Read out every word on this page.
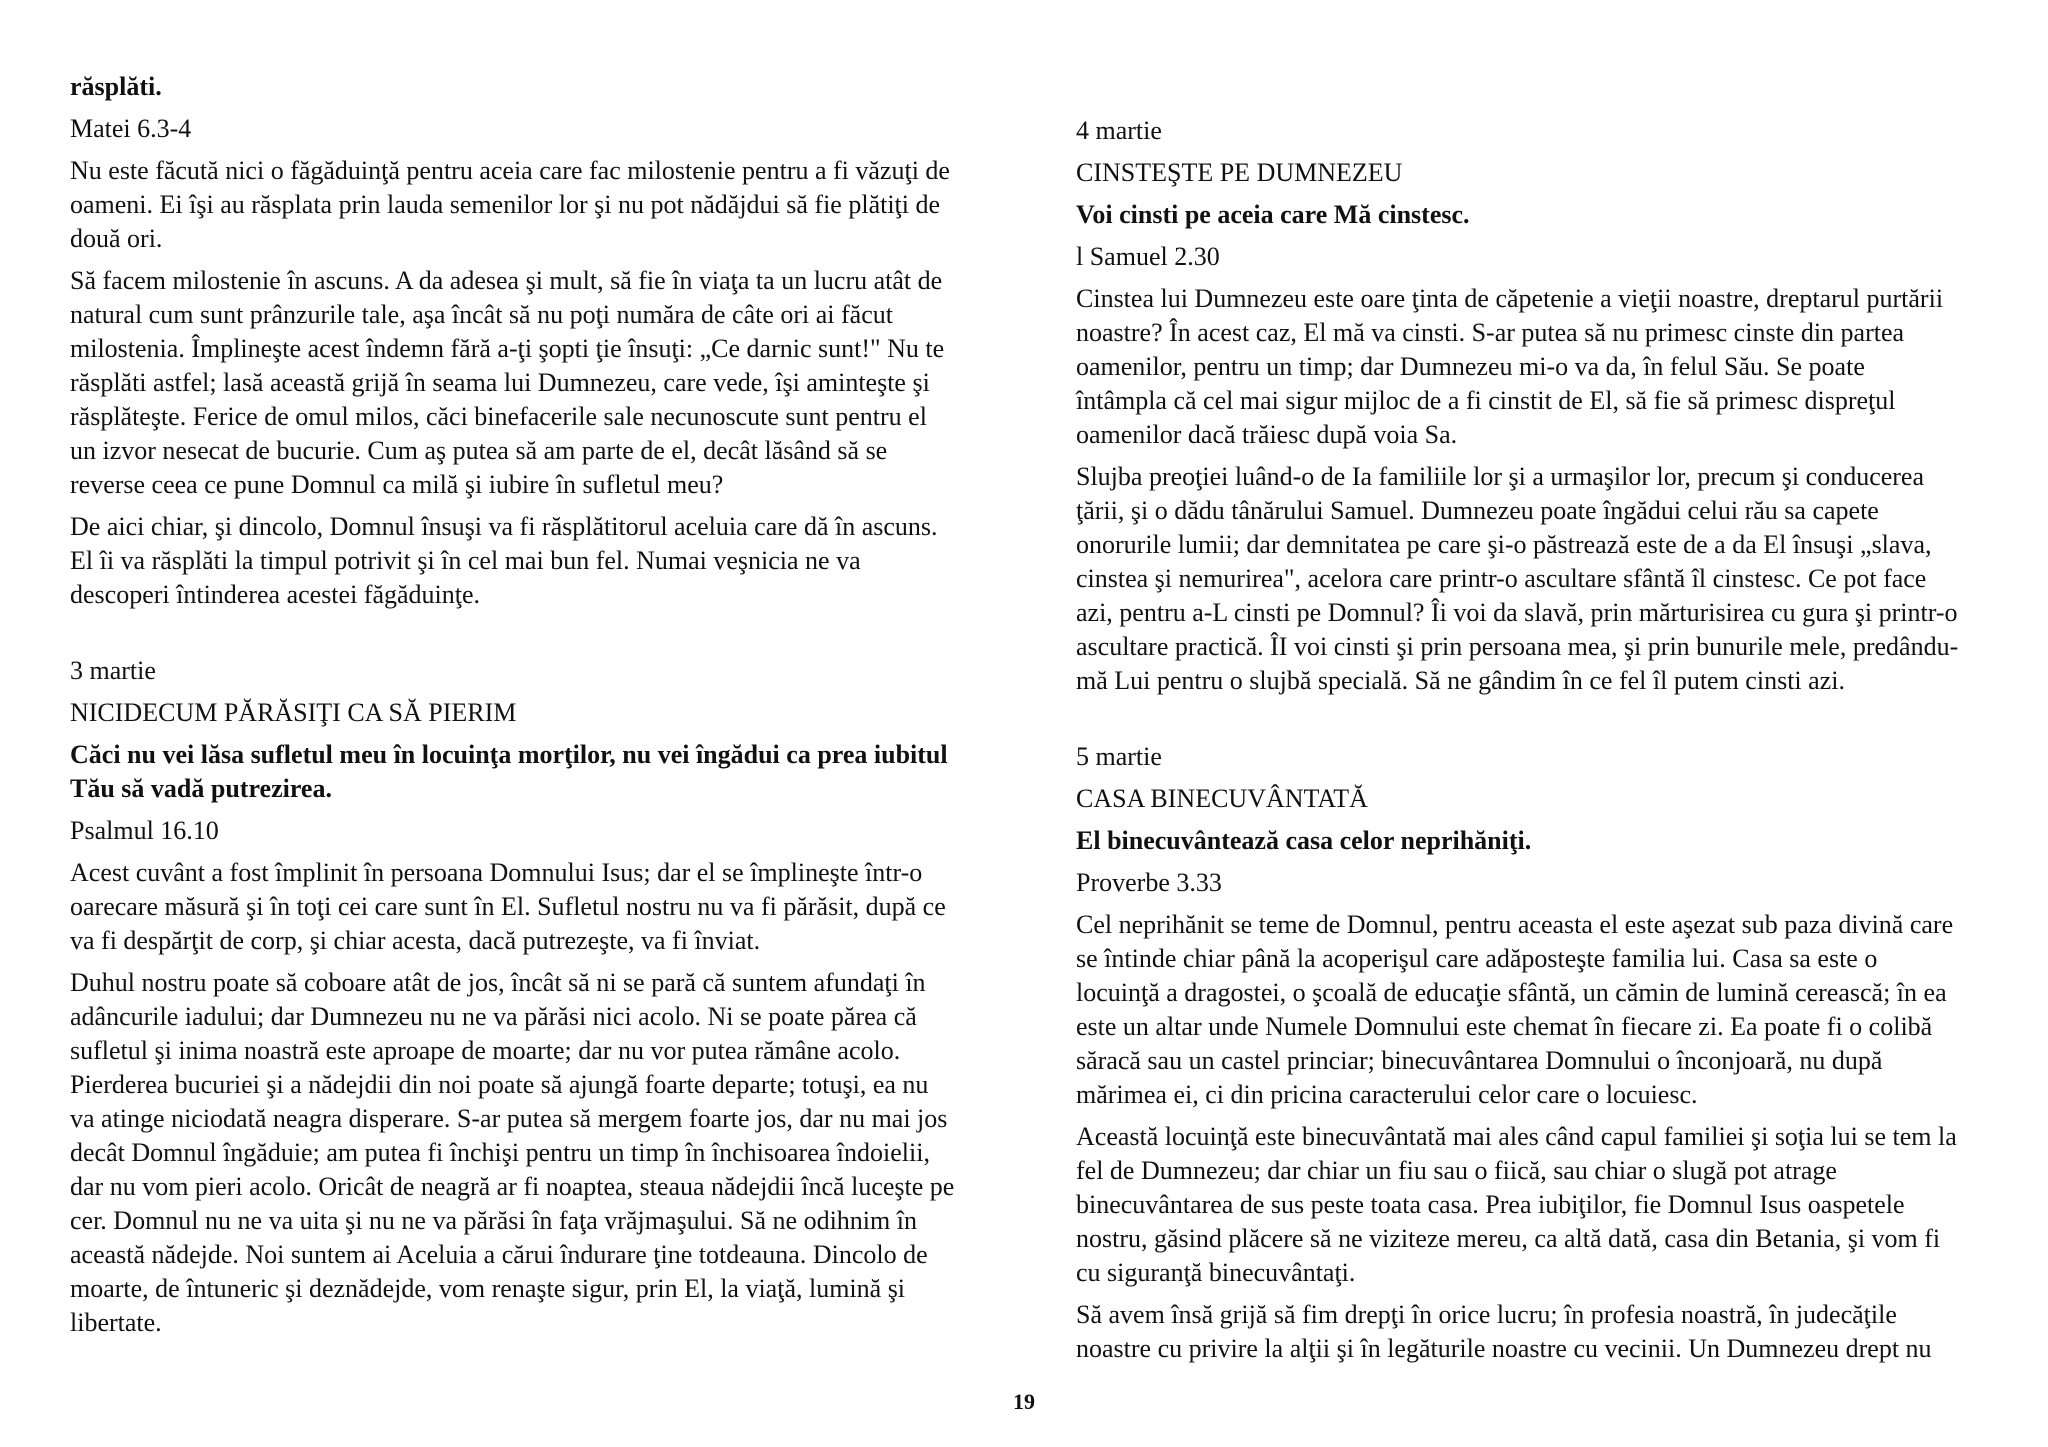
răsplăti.
Matei 6.3-4
Nu este făcută nici o făgăduinţă pentru aceia care fac milostenie pentru a fi văzuţi de
oameni. Ei îşi au răsplata prin lauda semenilor lor şi nu pot nădăjdui să fie plătiţi de
două ori.
Să facem milostenie în ascuns. A da adesea şi mult, să fie în viaţa ta un lucru atât de
natural cum sunt prânzurile tale, aşa încât să nu poţi număra de câte ori ai făcut
milostenia. Împlineşte acest îndemn fără a-ţi şopti ţie însuţi: „Ce darnic sunt!" Nu te
răsplăti astfel; lasă această grijă în seama lui Dumnezeu, care vede, îşi aminteşte şi
răsplăteşte. Ferice de omul milos, căci binefacerile sale necunoscute sunt pentru el
un izvor nesecat de bucurie. Cum aş putea să am parte de el, decât lăsând să se
reverse ceea ce pune Domnul ca milă şi iubire în sufletul meu?
De aici chiar, şi dincolo, Domnul însuşi va fi răsplătitorul aceluia care dă în ascuns.
El îi va răsplăti la timpul potrivit şi în cel mai bun fel. Numai veşnicia ne va
descoperi întinderea acestei făgăduinţe.
3 martie
NICIDECUM PĂRĂSIŢI CA SĂ PIERIM
Căci nu vei lăsa sufletul meu în locuinţa morţilor, nu vei îngădui ca prea iubitul
Tău să vadă putrezirea.
Psalmul 16.10
Acest cuvânt a fost împlinit în persoana Domnului Isus; dar el se împlineşte într-o
oarecare măsură şi în toţi cei care sunt în El. Sufletul nostru nu va fi părăsit, după ce
va fi despărţit de corp, şi chiar acesta, dacă putrezeşte, va fi înviat.
Duhul nostru poate să coboare atât de jos, încât să ni se pară că suntem afundaţi în
adâncurile iadului; dar Dumnezeu nu ne va părăsi nici acolo. Ni se poate părea că
sufletul şi inima noastră este aproape de moarte; dar nu vor putea rămâne acolo.
Pierderea bucuriei şi a nădejdii din noi poate să ajungă foarte departe; totuşi, ea nu
va atinge niciodată neagra disperare. S-ar putea să mergem foarte jos, dar nu mai jos
decât Domnul îngăduie; am putea fi închişi pentru un timp în închisoarea îndoielii,
dar nu vom pieri acolo. Oricât de neagră ar fi noaptea, steaua nădejdii încă luceşte pe
cer. Domnul nu ne va uita şi nu ne va părăsi în faţa vrăjmaşului. Să ne odihnim în
această nădejde. Noi suntem ai Aceluia a cărui îndurare ţine totdeauna. Dincolo de
moarte, de întuneric şi deznădejde, vom renaşte sigur, prin El, la viaţă, lumină şi
libertate.
4 martie
CINSTEŞTE PE DUMNEZEU
Voi cinsti pe aceia care Mă cinstesc.
l Samuel 2.30
Cinstea lui Dumnezeu este oare ţinta de căpetenie a vieţii noastre, dreptarul purtării
noastre? În acest caz, El mă va cinsti. S-ar putea să nu primesc cinste din partea
oamenilor, pentru un timp; dar Dumnezeu mi-o va da, în felul Său. Se poate
întâmpla că cel mai sigur mijloc de a fi cinstit de El, să fie să primesc dispreţul
oamenilor dacă trăiesc după voia Sa.
Slujba preoţiei luând-o de Ia familiile lor şi a urmaşilor lor, precum şi conducerea
ţării, şi o dădu tânărului Samuel. Dumnezeu poate îngădui celui rău sa capete
onorurile lumii; dar demnitatea pe care şi-o păstrează este de a da El însuşi „slava,
cinstea şi nemurirea", acelora care printr-o ascultare sfântă îl cinstesc. Ce pot face
azi, pentru a-L cinsti pe Domnul? Îi voi da slavă, prin mărturisirea cu gura şi printr-o
ascultare practică. ÎI voi cinsti şi prin persoana mea, şi prin bunurile mele, predându-
mă Lui pentru o slujbă specială. Să ne gândim în ce fel îl putem cinsti azi.
5 martie
CASA BINECUVÂNTATĂ
El binecuvântează casa celor neprihăniţi.
Proverbe 3.33
Cel neprihănit se teme de Domnul, pentru aceasta el este aşezat sub paza divină care
se întinde chiar până la acoperişul care adăposteşte familia lui. Casa sa este o
locuinţă a dragostei, o şcoală de educaţie sfântă, un cămin de lumină cerească; în ea
este un altar unde Numele Domnului este chemat în fiecare zi. Ea poate fi o colibă
săracă sau un castel princiar; binecuvântarea Domnului o înconjoară, nu după
mărimea ei, ci din pricina caracterului celor care o locuiesc.
Această locuinţă este binecuvântată mai ales când capul familiei şi soţia lui se tem la
fel de Dumnezeu; dar chiar un fiu sau o fiică, sau chiar o slugă pot atrage
binecuvântarea de sus peste toata casa. Prea iubiţilor, fie Domnul Isus oaspetele
nostru, găsind plăcere să ne viziteze mereu, ca altă dată, casa din Betania, şi vom fi
cu siguranţă binecuvântaţi.
Să avem însă grijă să fim drepţi în orice lucru; în profesia noastră, în judecăţile
noastre cu privire la alţii şi în legăturile noastre cu vecinii. Un Dumnezeu drept nu
19
